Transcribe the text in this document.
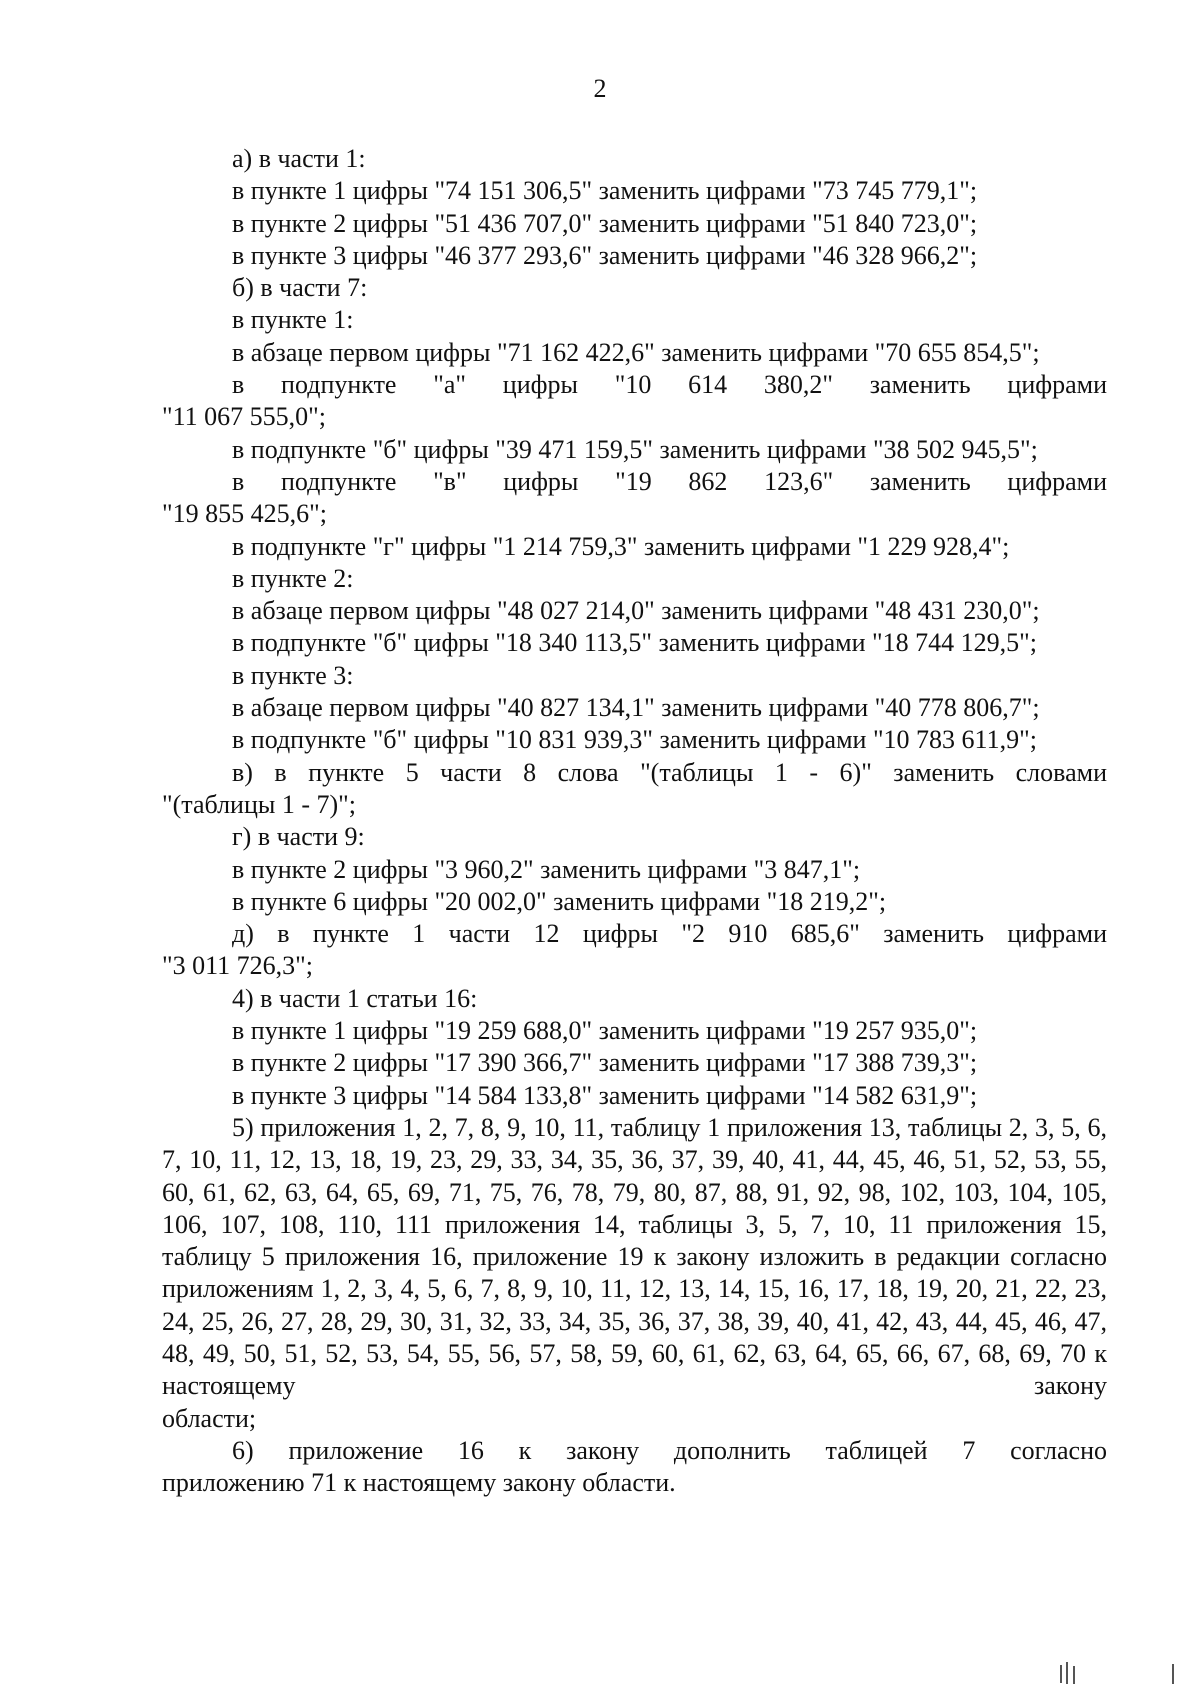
2

а) в части 1:

в пункте 1 цифры "74 151 306,5" заменить цифрами "73 745 779,1";

в пункте 2 цифры "51 436 707,0" заменить цифрами "51 840 723,0";

в пункте 3 цифры "46 377 293,6" заменить цифрами "46 328 966,2";

б) в части 7:

в пункте 1:

в абзаце первом цифры "71 162 422,6" заменить цифрами "70 655 854,5";

в подпункте "а" цифры "10 614 380,2" заменить цифрами

"11 067 555,0";

в подпункте "б" цифры "39 471 159,5" заменить цифрами "38 502 945,5";

в подпункте "в" цифры "19 862 123,6" заменить цифрами

"19 855 425,6";

в подпункте "г" цифры "1 214 759,3" заменить цифрами "1 229 928,4";

в пункте 2:

в абзаце первом цифры "48 027 214,0" заменить цифрами "48 431 230,0";

в подпункте "б" цифры "18 340 113,5" заменить цифрами "18 744 129,5";

в пункте 3:

в абзаце первом цифры "40 827 134,1" заменить цифрами "40 778 806,7";

в подпункте "б" цифры "10 831 939,3" заменить цифрами "10 783 611,9";

в) в пункте 5 части 8 слова "(таблицы 1 - 6)" заменить словами

"(таблицы 1 - 7)";

г) в части 9:

в пункте 2 цифры "3 960,2" заменить цифрами "3 847,1";

в пункте 6 цифры "20 002,0" заменить цифрами "18 219,2";

д) в пункте 1 части 12 цифры "2 910 685,6" заменить цифрами

"3 011 726,3";

4) в части 1 статьи 16:

в пункте 1 цифры "19 259 688,0" заменить цифрами "19 257 935,0";

в пункте 2 цифры "17 390 366,7" заменить цифрами "17 388 739,3";

в пункте 3 цифры "14 584 133,8" заменить цифрами "14 582 631,9";

5) приложения 1, 2, 7, 8, 9, 10, 11, таблицу 1 приложения 13, таблицы 2, 3, 5, 6, 7, 10, 11, 12, 13, 18, 19, 23, 29, 33, 34, 35, 36, 37, 39, 40, 41, 44, 45, 46, 51, 52, 53, 55, 60, 61, 62, 63, 64, 65, 69, 71, 75, 76, 78, 79, 80, 87, 88, 91, 92, 98, 102, 103, 104, 105, 106, 107, 108, 110, 111 приложения 14, таблицы 3, 5, 7, 10, 11 приложения 15, таблицу 5 приложения 16, приложение 19 к закону изложить в редакции согласно приложениям 1, 2, 3, 4, 5, 6, 7, 8, 9, 10, 11, 12, 13, 14, 15, 16, 17, 18, 19, 20, 21, 22, 23, 24, 25, 26, 27, 28, 29, 30, 31, 32, 33, 34, 35, 36, 37, 38, 39, 40, 41, 42, 43, 44, 45, 46, 47, 48, 49, 50, 51, 52, 53, 54, 55, 56, 57, 58, 59, 60, 61, 62, 63, 64, 65, 66, 67, 68, 69, 70 к настоящему закону

области;

6) приложение 16 к закону дополнить таблицей 7 согласно

приложению 71 к настоящему закону области.
